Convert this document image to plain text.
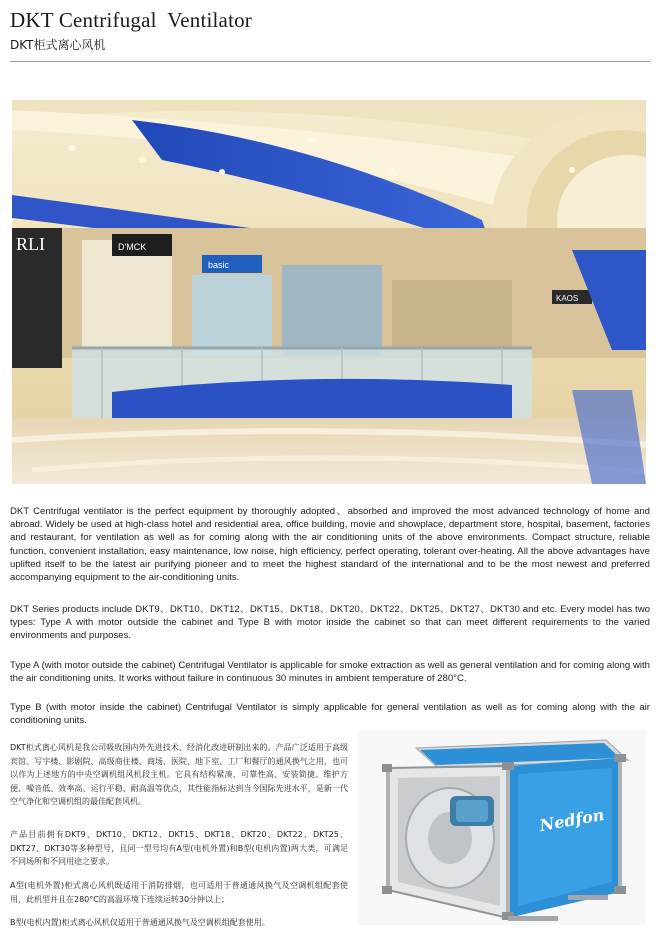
DKT Centrifugal  Ventilator
DKT柜式离心风机
RLI	D'MCK
basic
KAOS
DKT Centrifugal ventilator is the perfect equipment by thoroughly adopted、absorbed and improved the most advanced technology of home and abroad. Widely be used at high-class hotel and residential area, office building, movie and showplace, department store, hospital, basement, factories and restaurant, for ventilation as well as for coming along with the air conditioning units of the above environments. Compact structure, reliable function, convenient installation, easy maintenance, low noise, high efficiency, perfect operating, tolerant over-heating. All the above advantages have uplifted itself to be the latest air purifying pioneer and to meet the highest standard of the international and to be the most newest and preferred accompanying equipment to the air-conditioning units.
DKT Series products include DKT9、DKT10、DKT12、DKT15、DKT18、DKT20、DKT22、DKT25、DKT27、DKT30 and etc. Every model has two types: Type A with motor outside the cabinet and Type B with motor inside the cabinet so that can meet different requirements to the varied environments and purposes.
Type A (with motor outside the cabinet) Centrifugal Ventilator is applicable for smoke extraction as well as general ventilation and for coming along with the air conditioning units. It works without failure in continuous 30 minutes in ambient temperature of 280°C.
Type B (with motor inside the cabinet) Centrifugal Ventilator is simply applicable for general ventilation as well as for coming along with the air conditioning units.
DKT柜式离心风机是我公司吸收国内外先进技术、经消化改进研制出来的。产品广泛适用于高级宾馆、写字楼、影剧院、高级商住楼、商场、医院、地下室、工厂和餐厅的通风换气之用，也可以作为上述地方的中央空调机组风机段主机。它具有结构紧凑、可靠性高、安装简捷、维护方便、噪音低、效率高、运行平稳、耐高温等优点，其性能指标达到当今国际先进水平，是新一代空气净化和空调机组的最佳配套风机。
产品目前拥有DKT9、DKT10、DKT12、DKT15、DKT18、DKT20、DKT22、DKT25、DKT27、DKT30等多种型号，且同一型号均有A型(电机外置)和B型(电机内置)两大类，可满足不同场所和不同用途之要求。
A型(电机外置)柜式离心风机既适用于消防排烟，也可适用于普通通风换气及空调机组配套使用，此机型并且在280°C的高温环境下连续运转30分钟以上；
B型(电机内置)柜式离心风机仅适用于普通通风换气及空调机组配套使用。
Nedfon
